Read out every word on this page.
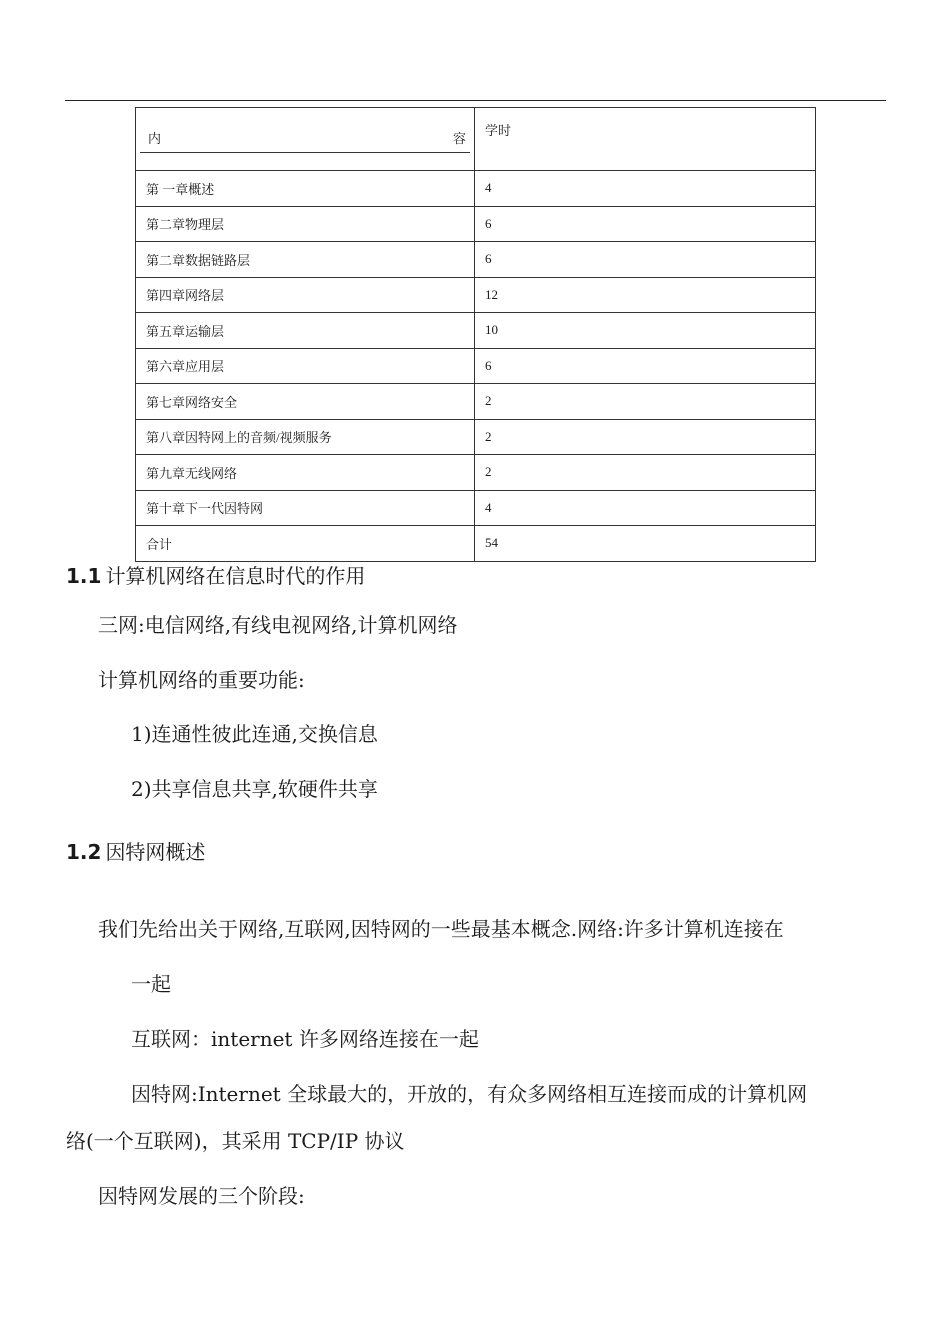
内 容	学时
第 一章概述	4
第二章物理层	6
第二章数据链路层	6
第四章网络层	12
第五章运输层	10
第六章应用层	6
第七章网络安全	2
第八章因特网上的音频/视频服务	2
第九章无线网络	2
第十章下一代因特网	4
合计	54
1.1 计算机网络在信息时代的作用
三网:电信网络,有线电视网络,计算机网络
计算机网络的重要功能:
1)连通性彼此连通,交换信息
2)共享信息共享,软硬件共享
1.2 因特网概述
我们先给出关于网络,互联网,因特网的一些最基本概念.网络:许多计算机连接在
一起
互联网：internet 许多网络连接在一起
因特网:Internet 全球最大的，开放的，有众多网络相互连接而成的计算机网
络(一个互联网)，其采用 TCP/IP 协议
因特网发展的三个阶段:
